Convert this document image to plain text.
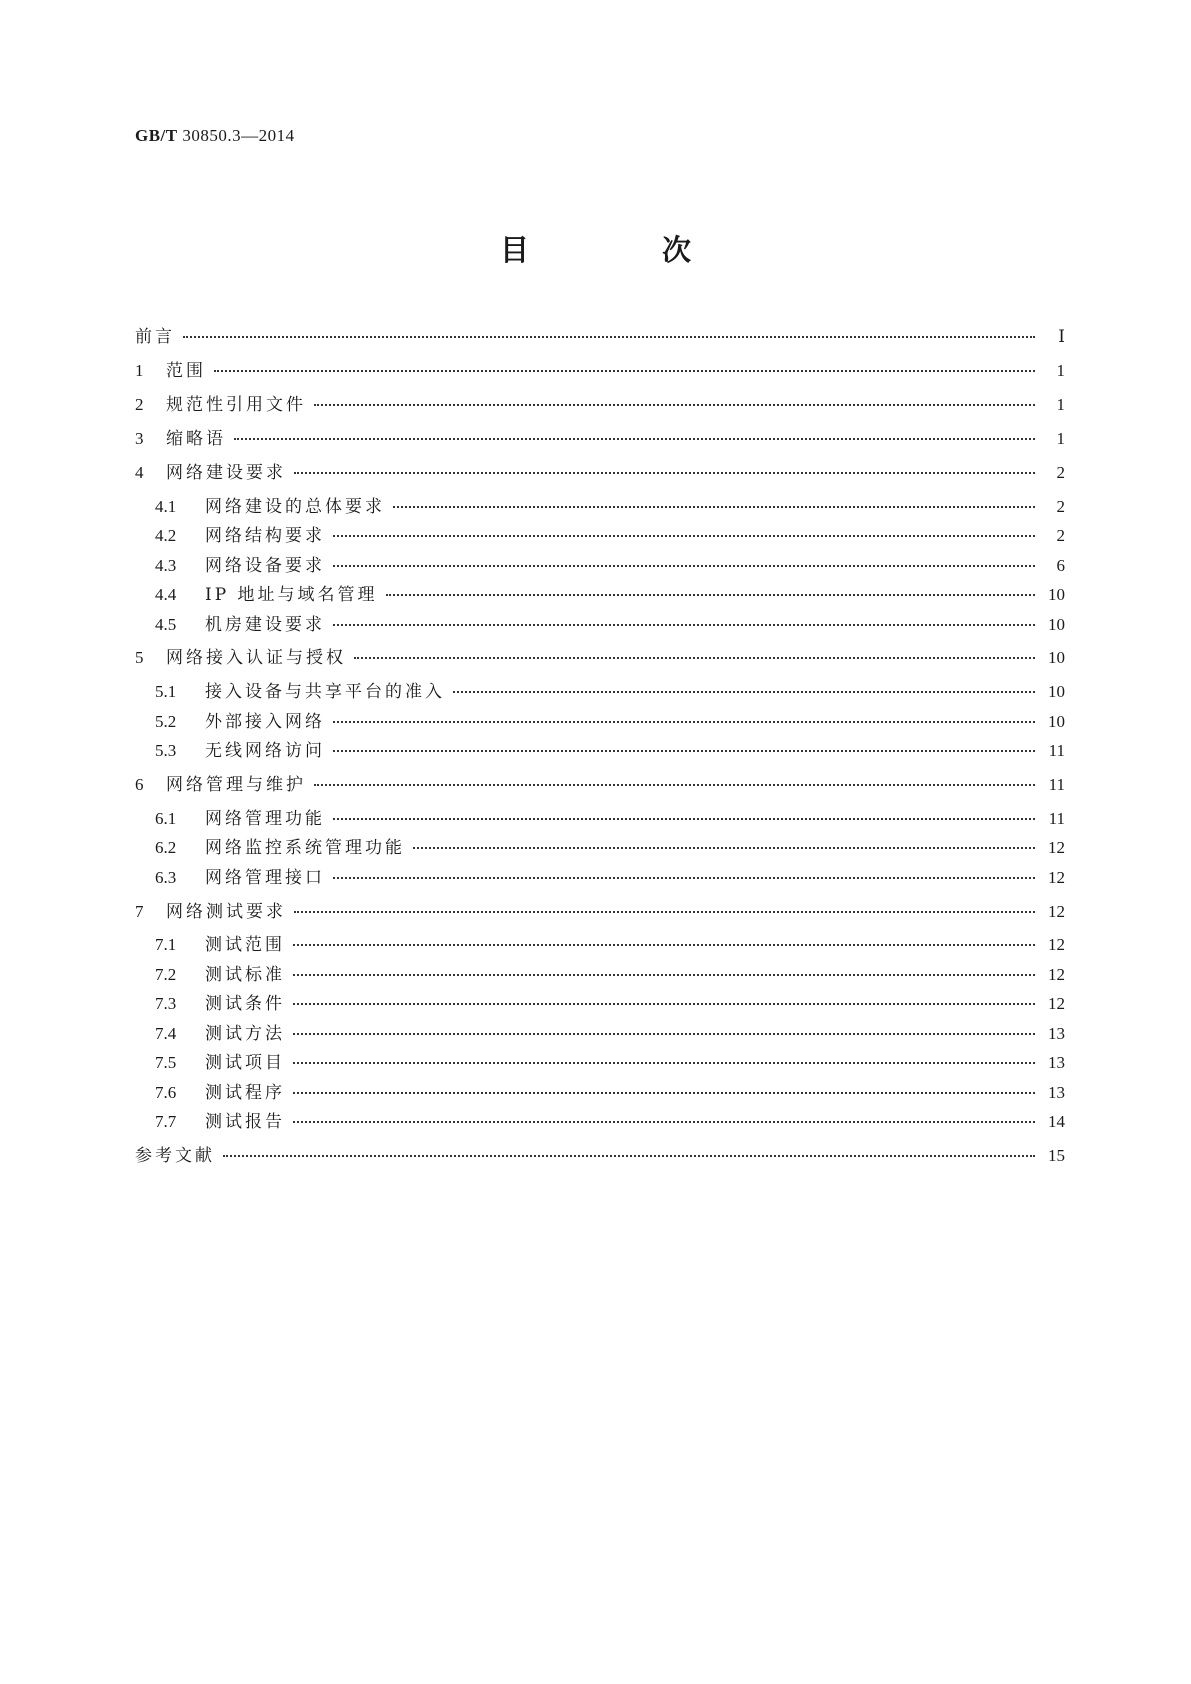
GB/T 30850.3—2014
目　次
前言	Ⅰ
1	范围	1
2	规范性引用文件	1
3	缩略语	1
4	网络建设要求	2
4.1	网络建设的总体要求	2
4.2	网络结构要求	2
4.3	网络设备要求	6
4.4	IP 地址与域名管理	10
4.5	机房建设要求	10
5	网络接入认证与授权	10
5.1	接入设备与共享平台的准入	10
5.2	外部接入网络	10
5.3	无线网络访问	11
6	网络管理与维护	11
6.1	网络管理功能	11
6.2	网络监控系统管理功能	12
6.3	网络管理接口	12
7	网络测试要求	12
7.1	测试范围	12
7.2	测试标准	12
7.3	测试条件	12
7.4	测试方法	13
7.5	测试项目	13
7.6	测试程序	13
7.7	测试报告	14
参考文献	15
